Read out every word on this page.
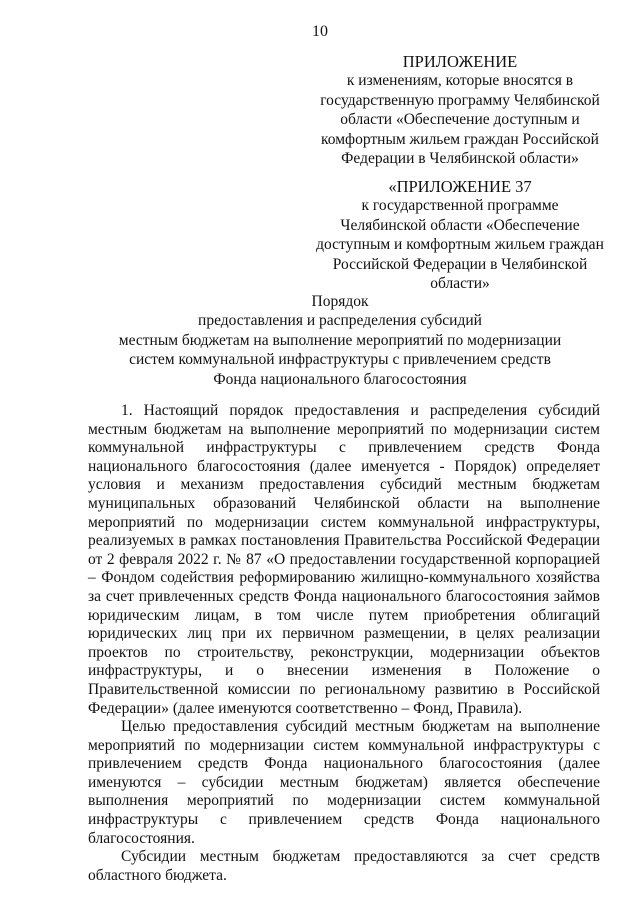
10
ПРИЛОЖЕНИЕ
к изменениям, которые вносятся в
государственную программу Челябинской
области «Обеспечение доступным и
комфортным жильем граждан Российской
Федерации в Челябинской области»
«ПРИЛОЖЕНИЕ 37
к государственной программе
Челябинской области «Обеспечение
доступным и комфортным жильем граждан
Российской Федерации в Челябинской
области»
Порядок
предоставления и распределения субсидий
местным бюджетам на выполнение мероприятий по модернизации
систем коммунальной инфраструктуры с привлечением средств
Фонда национального благосостояния

1. Настоящий порядок предоставления и распределения субсидий местным бюджетам на выполнение мероприятий по модернизации систем коммунальной инфраструктуры с привлечением средств Фонда национального благосостояния (далее именуется - Порядок) определяет условия и механизм предоставления субсидий местным бюджетам муниципальных образований Челябинской области на выполнение мероприятий по модернизации систем коммунальной инфраструктуры, реализуемых в рамках постановления Правительства Российской Федерации от 2 февраля 2022 г. № 87 «О предоставлении государственной корпорацией – Фондом содействия реформированию жилищно-коммунального хозяйства за счет привлеченных средств Фонда национального благосостояния займов юридическим лицам, в том числе путем приобретения облигаций юридических лиц при их первичном размещении, в целях реализации проектов по строительству, реконструкции, модернизации объектов инфраструктуры, и о внесении изменения в Положение о Правительственной комиссии по региональному развитию в Российской Федерации» (далее именуются соответственно – Фонд, Правила).

Целью предоставления субсидий местным бюджетам на выполнение мероприятий по модернизации систем коммунальной инфраструктуры с привлечением средств Фонда национального благосостояния (далее именуются – субсидии местным бюджетам) является обеспечение выполнения мероприятий по модернизации систем коммунальной инфраструктуры с привлечением средств Фонда национального благосостояния.

Субсидии местным бюджетам предоставляются за счет средств областного бюджета.
